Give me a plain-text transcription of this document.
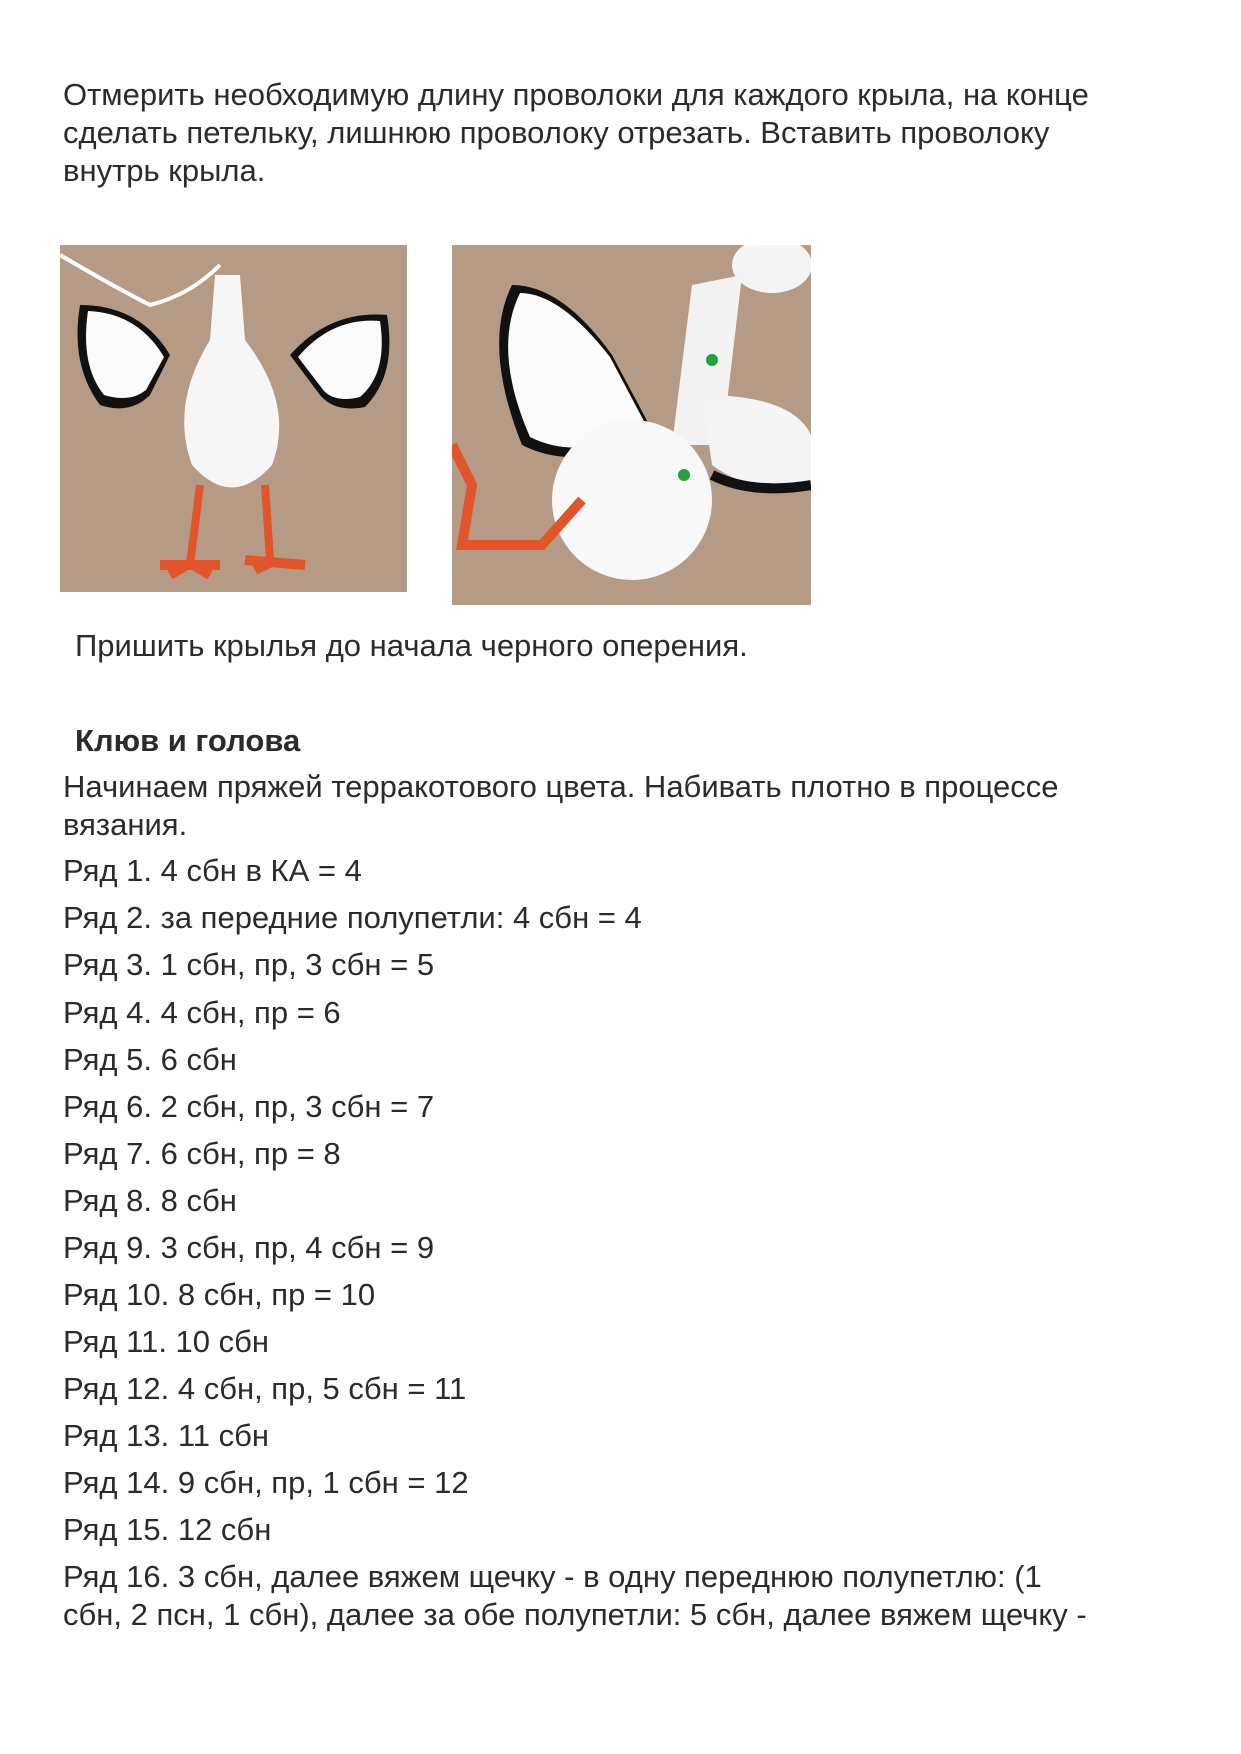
Отмерить необходимую длину проволоки для каждого крыла, на конце
сделать петельку, лишнюю проволоку отрезать. Вставить проволоку
внутрь крыла.
Пришить крылья до начала черного оперения.
Клюв и голова
Начинаем пряжей терракотового цвета. Набивать плотно в процессе
вязания.
Ряд 1. 4 сбн в КА = 4
Ряд 2. за передние полупетли: 4 сбн = 4
Ряд 3. 1 сбн, пр, 3 сбн = 5
Ряд 4. 4 сбн, пр = 6
Ряд 5. 6 сбн
Ряд 6. 2 сбн, пр, 3 сбн = 7
Ряд 7. 6 сбн, пр = 8
Ряд 8. 8 сбн
Ряд 9. 3 сбн, пр, 4 сбн = 9
Ряд 10. 8 сбн, пр = 10
Ряд 11. 10 сбн
Ряд 12. 4 сбн, пр, 5 сбн = 11
Ряд 13. 11 сбн
Ряд 14. 9 сбн, пр, 1 сбн = 12
Ряд 15. 12 сбн
Ряд 16. 3 сбн, далее вяжем щечку - в одну переднюю полупетлю: (1
сбн, 2 псн, 1 сбн), далее за обе полупетли: 5 сбн, далее вяжем щечку -
